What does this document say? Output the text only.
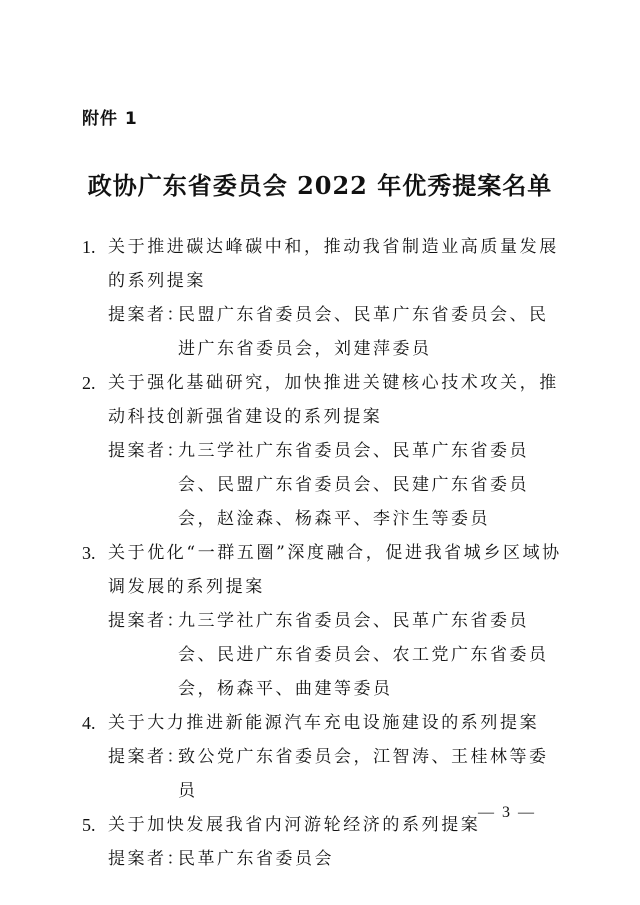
附件 1
政协广东省委员会 2022 年优秀提案名单
1. 关于推进碳达峰碳中和，推动我省制造业高质量发展的系列提案
提案者：
民盟广东省委员会、民革广东省委员会、民进广东省委员会，刘建萍委员
2. 关于强化基础研究，加快推进关键核心技术攻关，推动科技创新强省建设的系列提案
提案者：
九三学社广东省委员会、民革广东省委员会、民盟广东省委员会、民建广东省委员会，赵淦森、杨森平、李汴生等委员
3. 关于优化“一群五圈”深度融合，促进我省城乡区域协调发展的系列提案
提案者：
九三学社广东省委员会、民革广东省委员会、民进广东省委员会、农工党广东省委员会，杨森平、曲建等委员
4. 关于大力推进新能源汽车充电设施建设的系列提案
提案者：
致公党广东省委员会，江智涛、王桂林等委员
5. 关于加快发展我省内河游轮经济的系列提案
提案者：
民革广东省委员会
— 3 —
